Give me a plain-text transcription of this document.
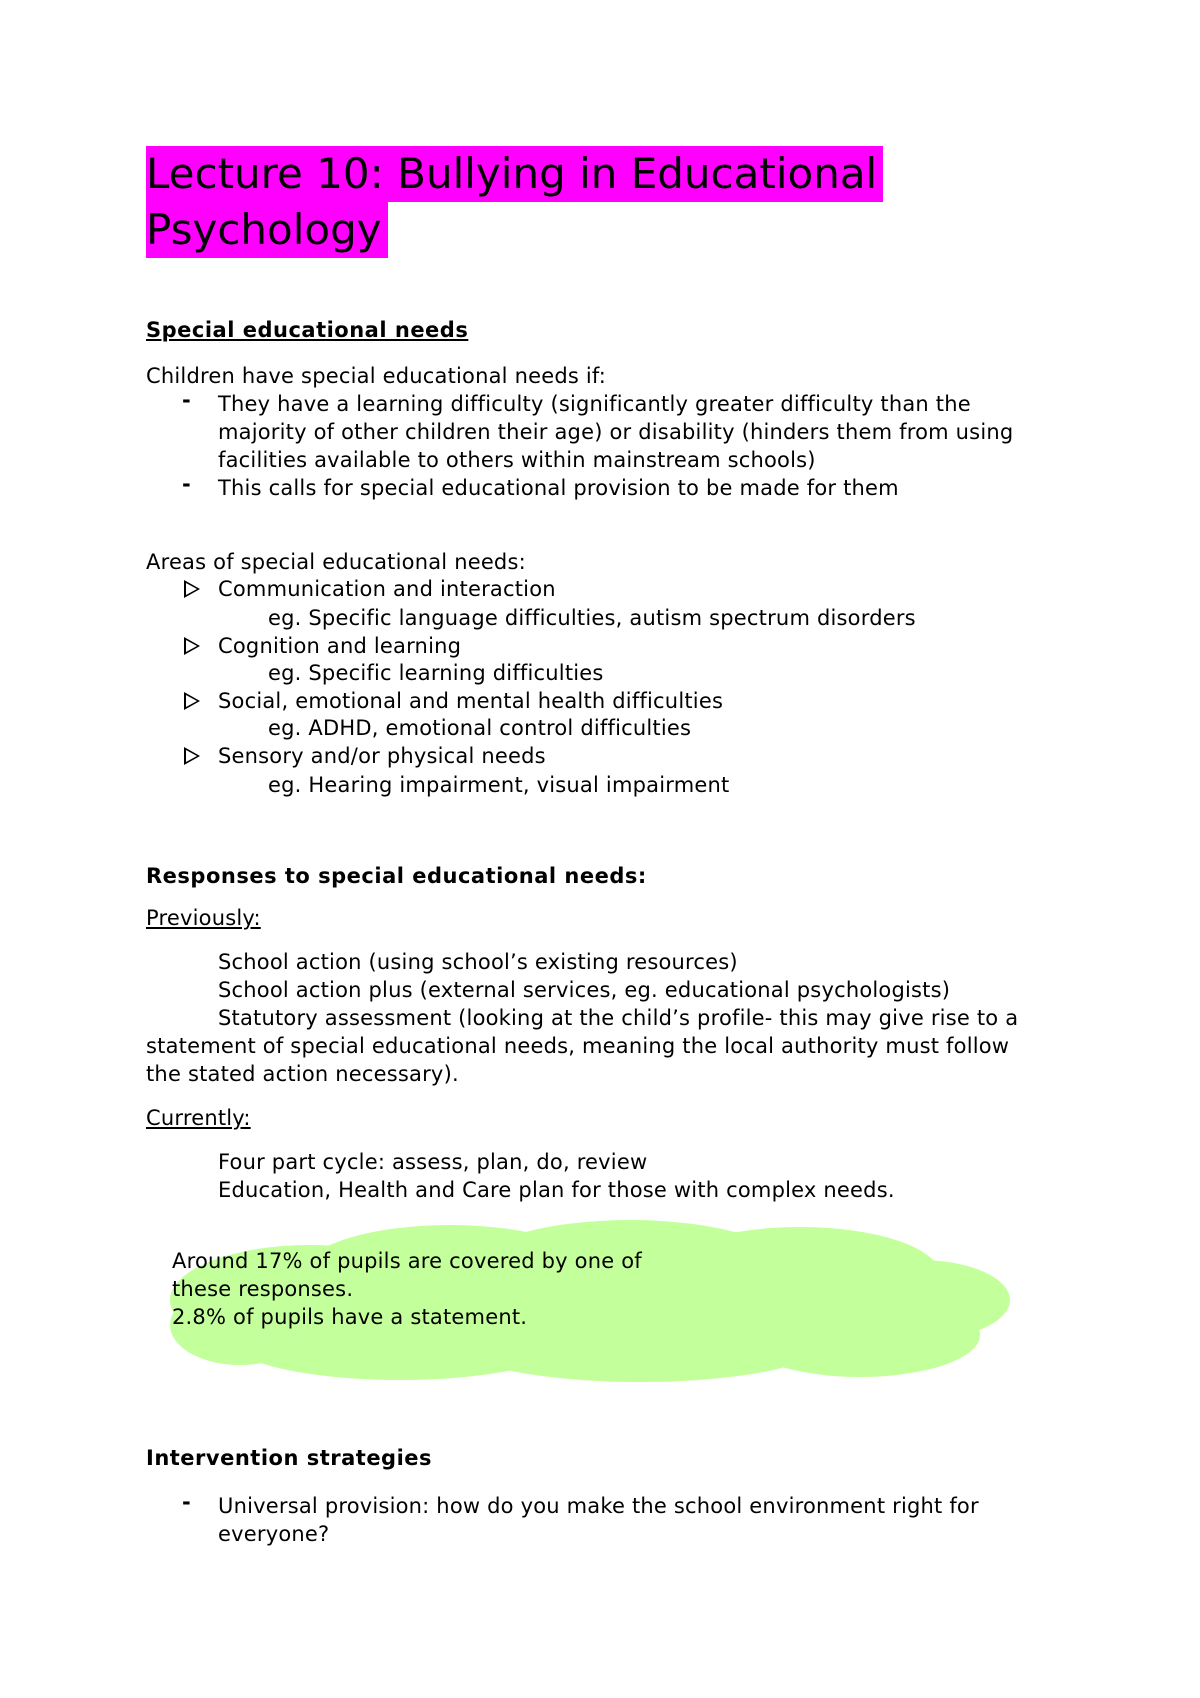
Lecture 10: Bullying in Educational
Psychology
Special educational needs
Children have special educational needs if:
- They have a learning difficulty (significantly greater difficulty than the
majority of other children their age) or disability (hinders them from using
facilities available to others within mainstream schools)
- This calls for special educational provision to be made for them
Areas of special educational needs:
Communication and interaction
eg. Specific language difficulties, autism spectrum disorders
Cognition and learning
eg. Specific learning difficulties
Social, emotional and mental health difficulties
eg. ADHD, emotional control difficulties
Sensory and/or physical needs
eg. Hearing impairment, visual impairment
Responses to special educational needs:
Previously:
School action (using school’s existing resources)
School action plus (external services, eg. educational psychologists)
Statutory assessment (looking at the child’s profile- this may give rise to a
statement of special educational needs, meaning the local authority must follow
the stated action necessary).
Currently:
Four part cycle: assess, plan, do, review
Education, Health and Care plan for those with complex needs.
Around 17% of pupils are covered by one of
these responses.
2.8% of pupils have a statement.
Intervention strategies
- Universal provision: how do you make the school environment right for
everyone?
